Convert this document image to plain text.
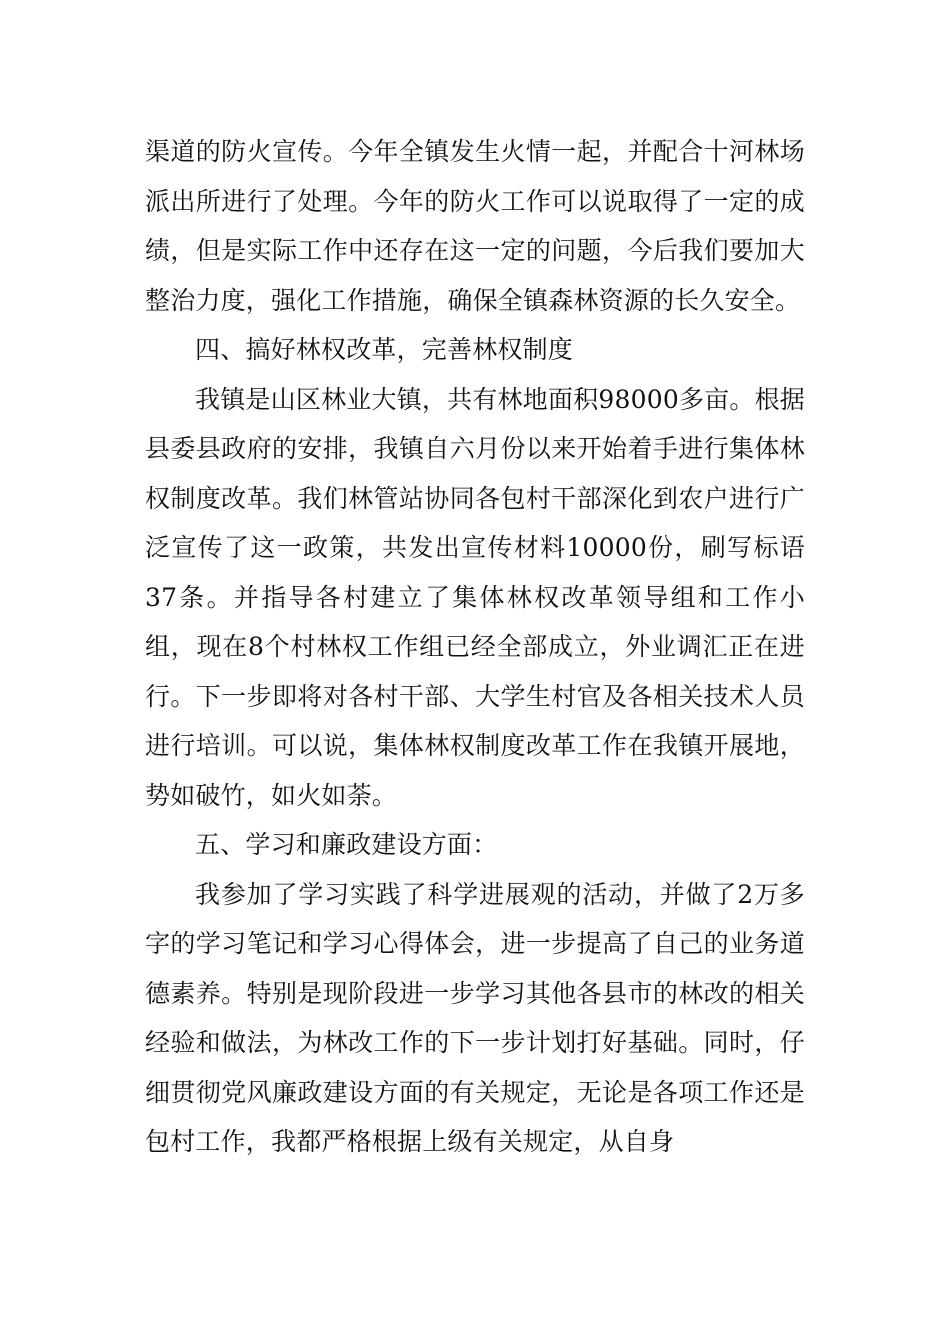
渠道的防火宣传。今年全镇发生火情一起，并配合十河林场派出所进行了处理。今年的防火工作可以说取得了一定的成绩，但是实际工作中还存在这一定的问题，今后我们要加大整治力度，强化工作措施，确保全镇森林资源的长久安全。

四、搞好林权改革，完善林权制度

我镇是山区林业大镇，共有林地面积98000多亩。根据县委县政府的安排，我镇自六月份以来开始着手进行集体林权制度改革。我们林管站协同各包村干部深化到农户进行广泛宣传了这一政策，共发出宣传材料10000份，刷写标语37条。并指导各村建立了集体林权改革领导组和工作小组，现在8个村林权工作组已经全部成立，外业调汇正在进行。下一步即将对各村干部、大学生村官及各相关技术人员进行培训。可以说，集体林权制度改革工作在我镇开展地，势如破竹，如火如荼。

五、学习和廉政建设方面：

我参加了学习实践了科学进展观的活动，并做了2万多字的学习笔记和学习心得体会，进一步提高了自己的业务道德素养。特别是现阶段进一步学习其他各县市的林改的相关经验和做法，为林改工作的下一步计划打好基础。同时，仔细贯彻党风廉政建设方面的有关规定，无论是各项工作还是包村工作，我都严格根据上级有关规定，从自身
